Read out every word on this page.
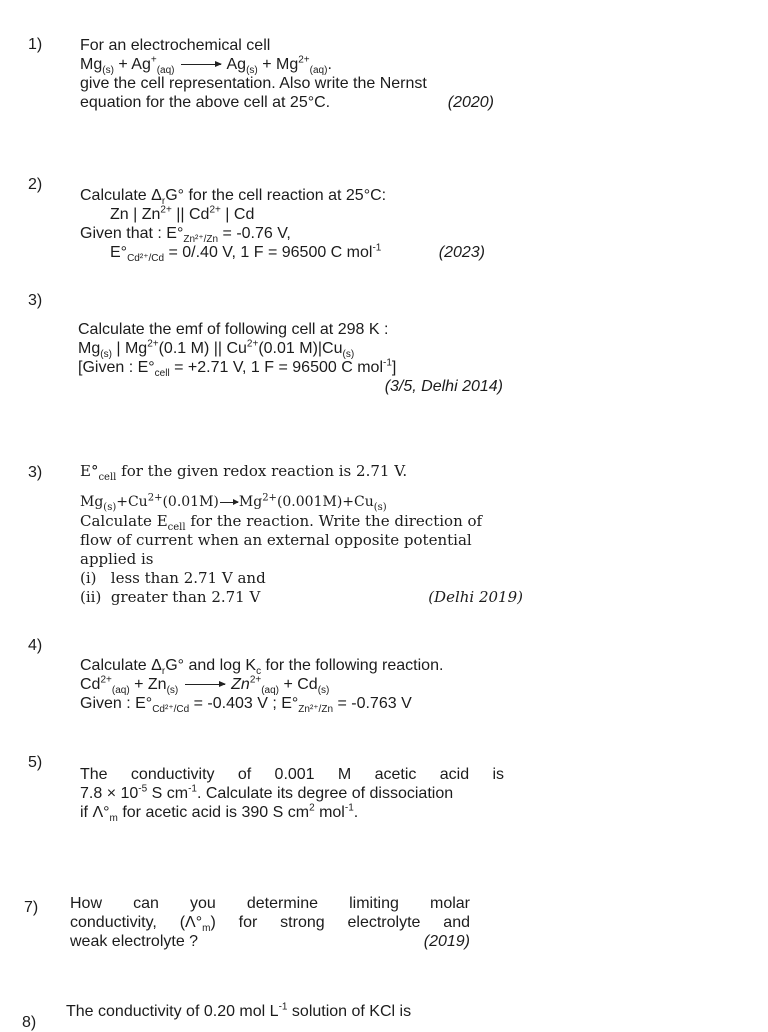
1) For an electrochemical cell
$Mg_{(s)} + Ag^+_{(aq)} \to Ag_{(s)} + Mg^{2+}_{(aq)}$.
give the cell representation. Also write the Nernst
equation for the above cell at 25°C.	(2020)
2)
Calculate $\Delta_rG^\circ$ for the cell reaction at 25°C:
Zn | $Zn^{2+}$ || $Cd^{2+}$ | Cd
Given that : $E^\circ_{Zn^{2+}/Zn} = -0.76$ V,
$E^\circ_{Cd^{2+}/Cd} = 0/.40$ V, 1 F = 96500 C mol$^{-1}$	(2023)
3)
Calculate the emf of following cell at 298 K :
$Mg_{(s)}$ | $Mg^{2+}(0.1$ M) || $Cu^{2+}(0.01$ $M)|Cu_{(s)}$
[Given : $E^\circ_{cell} = +2.71$ V, 1 F = 96500 C mol$^{-1}$]
(3/5, Delhi 2014)
3)	$E^\circ_{cell}$ for the given redox reaction is 2.71 V.
$Mg_{(s)}+Cu^{2+}(0.01M)\to Mg^{2+}(0.001M)+Cu_{(s)}$
Calculate $E_{cell}$ for the reaction. Write the direction of
flow of current when an external opposite potential
applied is
(i)   less than 2.71 V and
(ii)  greater than 2.71 V	(Delhi 2019)
4)
Calculate $\Delta_rG^\circ$ and $\log K_c$ for the following reaction.
$Cd^{2+}_{(aq)} + Zn_{(s)} \to Zn^{2+}_{(aq)} + Cd_{(s)}$
Given : $E^\circ_{Cd^{2+}/Cd} = -0.403$ V ; $E^\circ_{Zn^{2+}/Zn} = -0.763$ V
5)
The conductivity of 0.001 M acetic acid is
$7.8 \times 10^{-5}$ S $cm^{-1}$. Calculate its degree of dissociation
if $\Lambda^\circ_m$ for acetic acid is 390 S $cm^2$ mol$^{-1}$.
7) How can you determine limiting molar
conductivity, $(\Lambda^\circ_m)$ for strong electrolyte and
weak electrolyte ?	(2019)
8)
The conductivity of 0.20 mol $L^{-1}$ solution of KCl is
